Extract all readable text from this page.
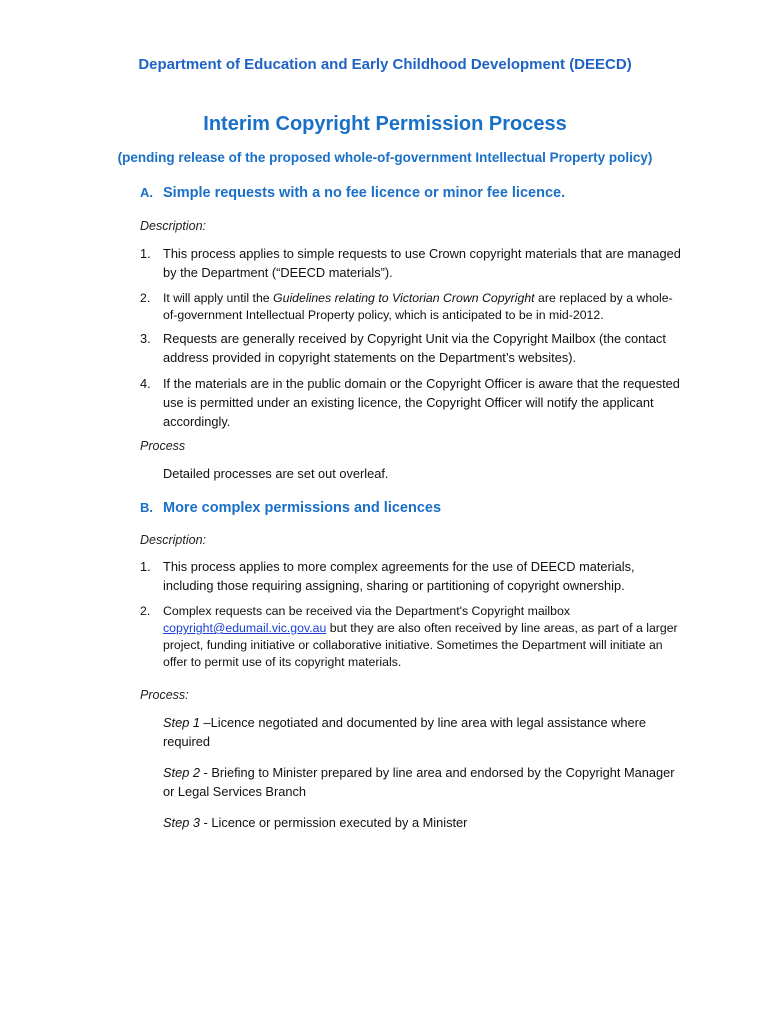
Department of Education and Early Childhood Development (DEECD)
Interim Copyright Permission Process
(pending release of the proposed whole-of-government Intellectual Property policy)
A. Simple requests with a no fee licence or minor fee licence.
Description:
1. This process applies to simple requests to use Crown copyright materials that are managed by the Department (“DEECD materials”).
2. It will apply until the Guidelines relating to Victorian Crown Copyright are replaced by a whole-of-government Intellectual Property policy, which is anticipated to be in mid-2012.
3. Requests are generally received by Copyright Unit via the Copyright Mailbox (the contact address provided in copyright statements on the Department’s websites).
4. If the materials are in the public domain or the Copyright Officer is aware that the requested use is permitted under an existing licence, the Copyright Officer will notify the applicant accordingly.
Process
Detailed processes are set out overleaf.
B. More complex permissions and licences
Description:
1. This process applies to more complex agreements for the use of DEECD materials, including those requiring assigning, sharing or partitioning of copyright ownership.
2. Complex requests can be received via the Department's Copyright mailbox copyright@edumail.vic.gov.au but they are also often received by line areas, as part of a larger project, funding initiative or collaborative initiative. Sometimes the Department will initiate an offer to permit use of its copyright materials.
Process:
Step 1 –Licence negotiated and documented by line area with legal assistance where required
Step 2 - Briefing to Minister prepared by line area and endorsed by the Copyright Manager or Legal Services Branch
Step 3 - Licence or permission executed by a Minister
